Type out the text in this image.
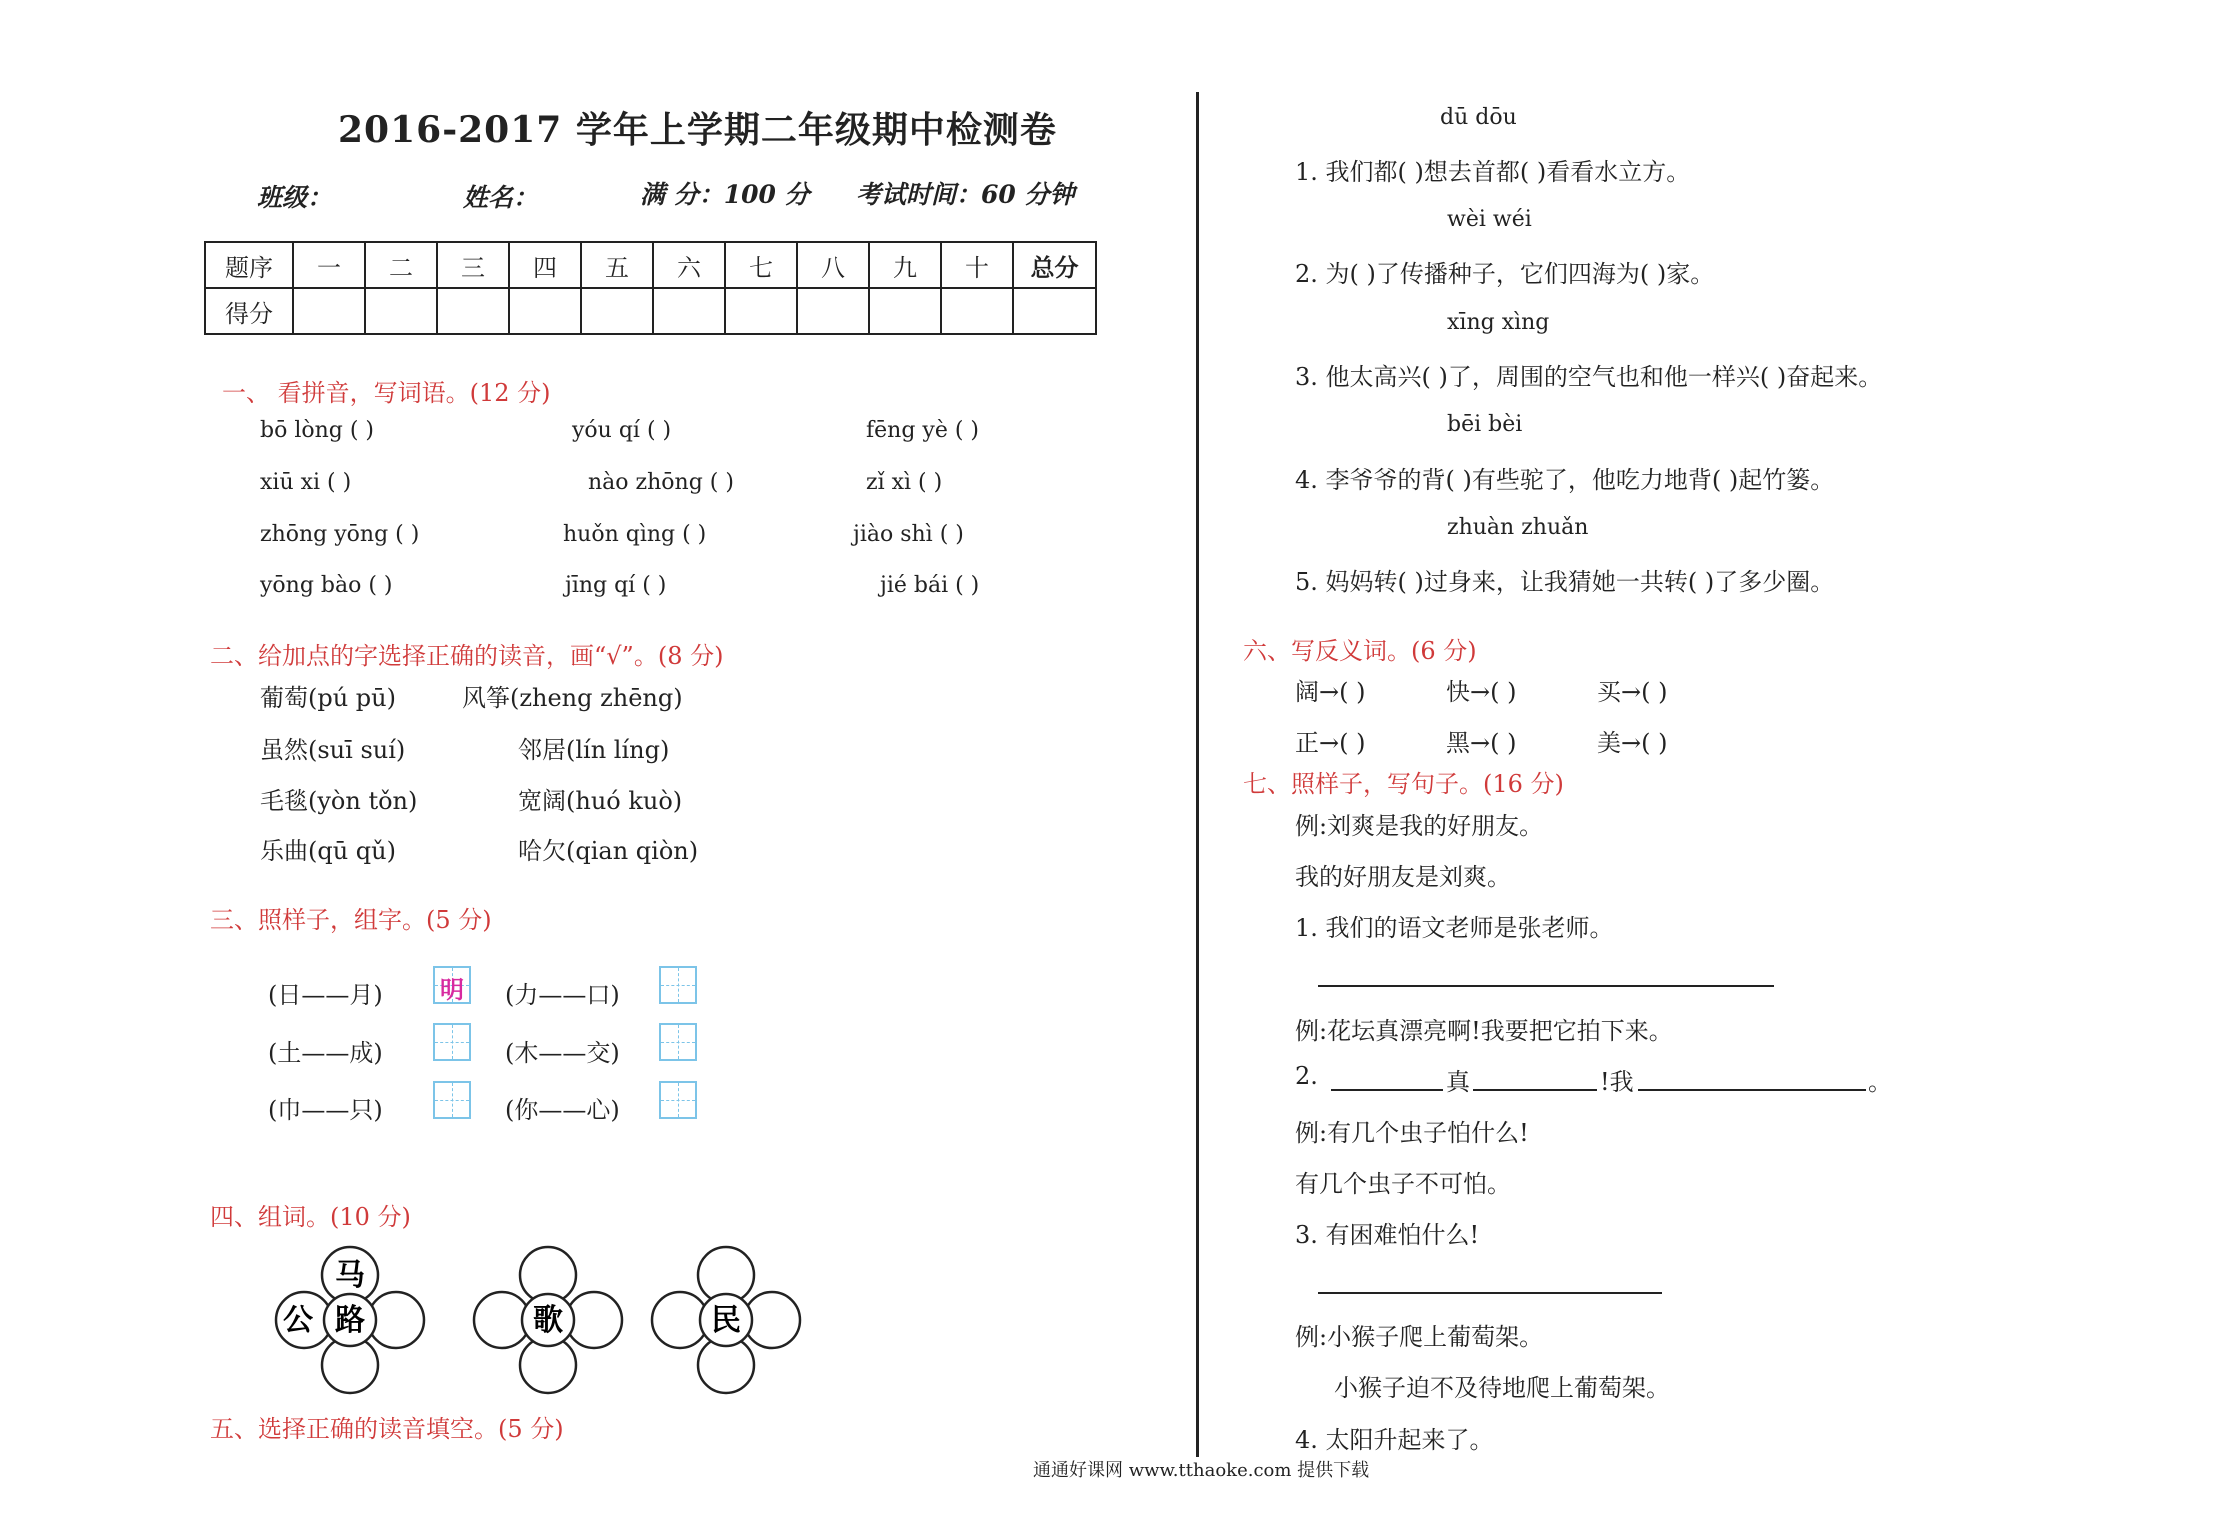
2016-2017 学年上学期二年级期中检测卷
班级：	姓名：	满 分：100 分 考试时间：60 分钟
题序	一	二	三	四	五	六	七	八	九	十	总分
得分											
一、 看拼音，写词语。(12 分)
bō lòng ( )	yóu qí ( )	fēng yè ( )
xiū xi ( )	nào zhōng ( )	zǐ xì ( )
zhōng yōng ( )	huǒn qìng ( )	jiào shì ( )
yōng bào ( )	jīng qí ( )	jié bái ( )
二、给加点的字选择正确的读音，画“√”。(8 分)
葡萄(pú pū)	风筝(zheng zhēng)
虽然(suī suí)	邻居(lín líng)
毛毯(yòn tǒn)	宽阔(huó kuò)
乐曲(qū qǔ)	哈欠(qian qiòn)
三、照样子，组字。(5 分)
(日——月) 明 (力——口)
(土——成)	(木——交)
(巾——只)	(你——心)
四、组词。(10 分)
路
马
公	歌	民
五、选择正确的读音填空。(5 分)
dū dōu
1. 我们都( )想去首都( )看看水立方。
wèi wéi
2. 为( )了传播种子，它们四海为( )家。
xīng xìng
3. 他太高兴( )了，周围的空气也和他一样兴( )奋起来。
bēi bèi
4. 李爷爷的背( )有些驼了，他吃力地背( )起竹篓。
zhuàn zhuǎn
5. 妈妈转( )过身来，让我猜她一共转( )了多少圈。
六、写反义词。(6 分)
阔→( )	快→( )	买→( )
正→( )	黑→( )	美→( )
七、照样子，写句子。(16 分)
例:刘爽是我的好朋友。
我的好朋友是刘爽。
1. 我们的语文老师是张老师。
例:花坛真漂亮啊!我要把它拍下来。
2.	真	!我	。
例:有几个虫子怕什么!
有几个虫子不可怕。
3. 有困难怕什么!
例:小猴子爬上葡萄架。
小猴子迫不及待地爬上葡萄架。
4. 太阳升起来了。
通通好课网 www.tthaoke.com 提供下载
